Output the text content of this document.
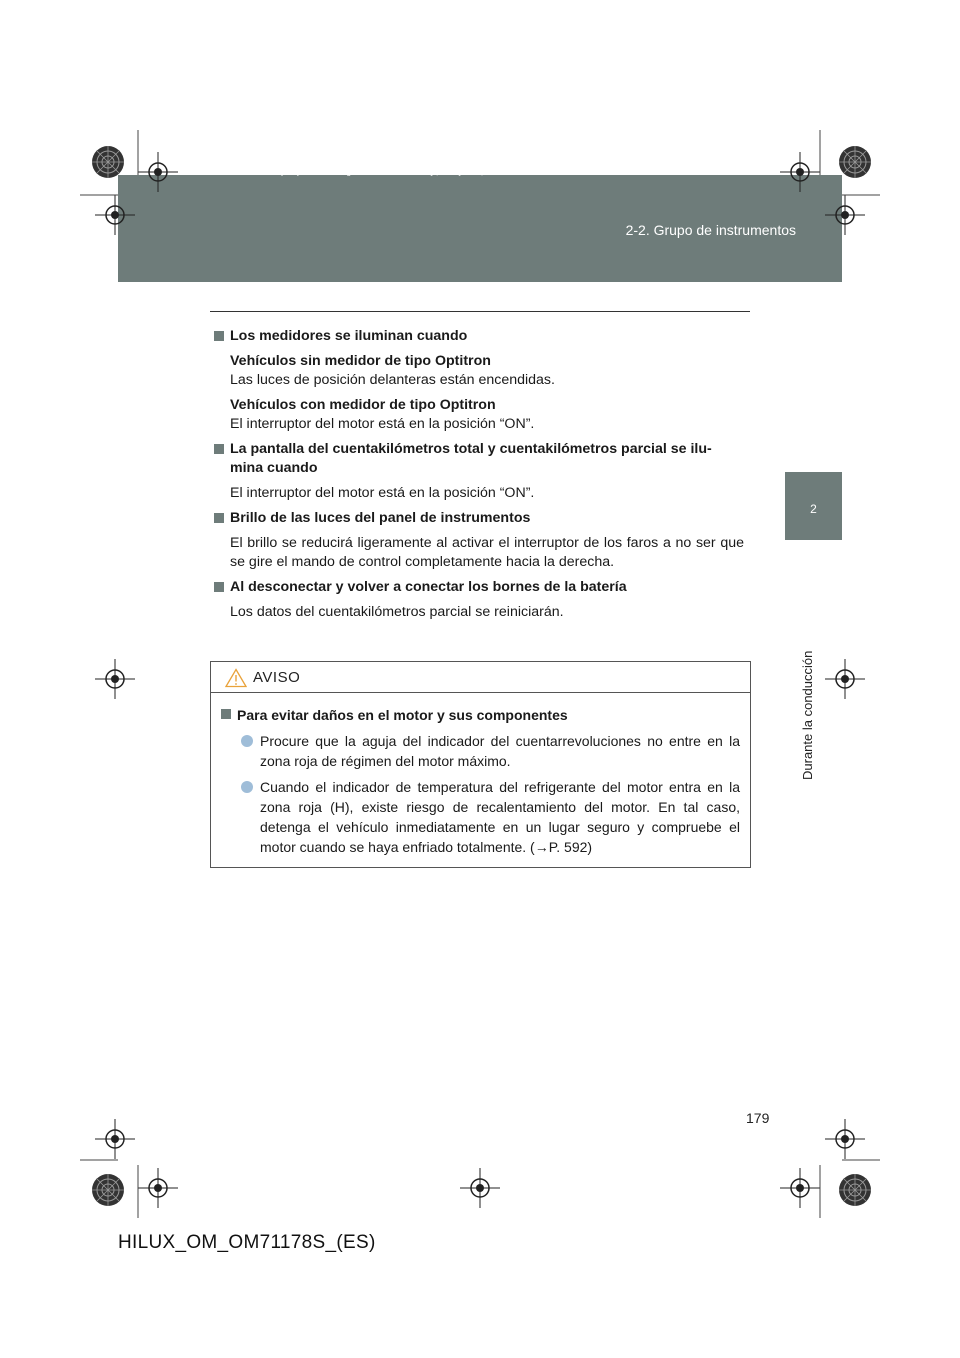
HILUX_OM_OM71178S_(ES).book Page 179 Wednesday, May 16, 2012 3:09 PM
2-2. Grupo de instrumentos
2
Durante la conducción
Los medidores se iluminan cuando
Vehículos sin medidor de tipo Optitron
Las luces de posición delanteras están encendidas.
Vehículos con medidor de tipo Optitron
El interruptor del motor está en la posición “ON”.
La pantalla del cuentakilómetros total y cuentakilómetros parcial se ilu-mina cuando
El interruptor del motor está en la posición “ON”.
Brillo de las luces del panel de instrumentos
El brillo se reducirá ligeramente al activar el interruptor de los faros a no ser que se gire el mando de control completamente hacia la derecha.
Al desconectar y volver a conectar los bornes de la batería
Los datos del cuentakilómetros parcial se reiniciarán.
AVISO
Para evitar daños en el motor y sus componentes
Procure que la aguja del indicador del cuentarrevoluciones no entre en la zona roja de régimen del motor máximo.
Cuando el indicador de temperatura del refrigerante del motor entra en la zona roja (H), existe riesgo de recalentamiento del motor. En tal caso, detenga el vehículo inmediatamente en un lugar seguro y compruebe el motor cuando se haya enfriado totalmente. (→P. 592)
179
HILUX_OM_OM71178S_(ES)
